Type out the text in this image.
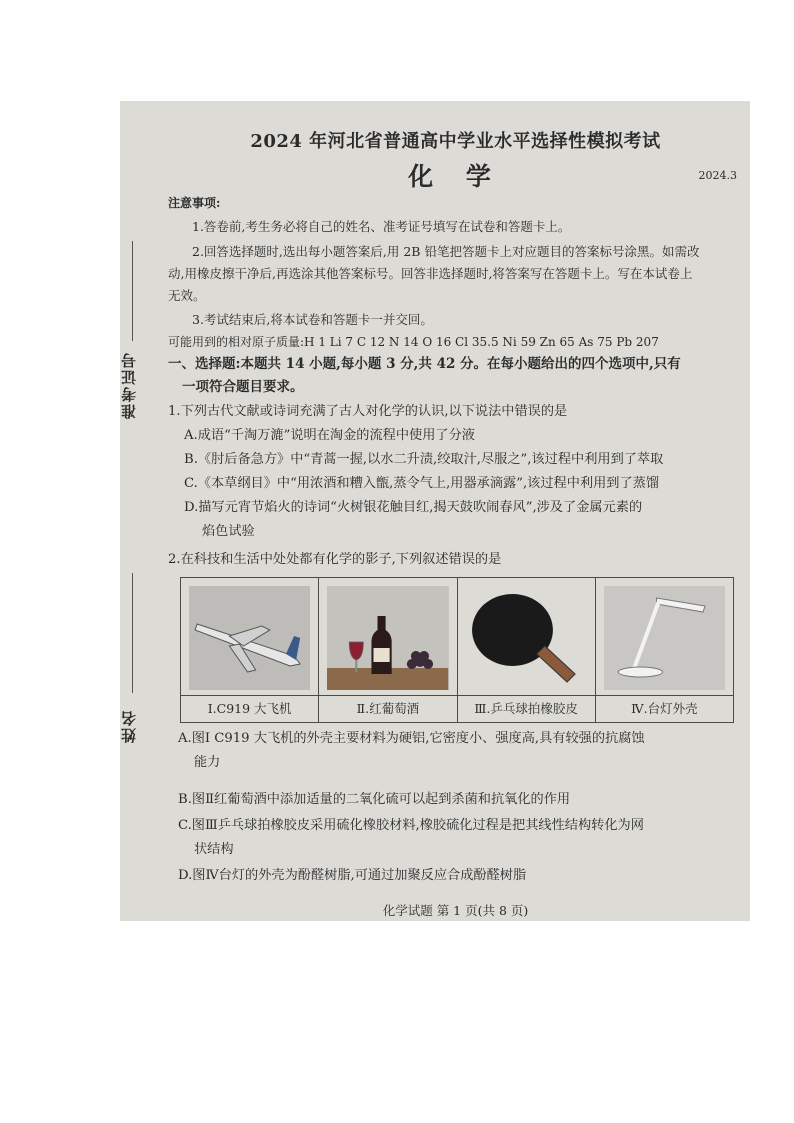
准考证号
姓名
2024 年河北省普通高中学业水平选择性模拟考试
化 学	2024.3
注意事项:
1.答卷前,考生务必将自己的姓名、准考证号填写在试卷和答题卡上。
2.回答选择题时,选出每小题答案后,用 2B 铅笔把答题卡上对应题目的答案标号涂黑。如需改
动,用橡皮擦干净后,再选涂其他答案标号。回答非选择题时,将答案写在答题卡上。写在本试卷上
无效。
3.考试结束后,将本试卷和答题卡一并交回。
可能用到的相对原子质量:H 1 Li 7 C 12 N 14 O 16 Cl 35.5 Ni 59 Zn 65 As 75 Pb 207
一、选择题:本题共 14 小题,每小题 3 分,共 42 分。在每小题给出的四个选项中,只有
一项符合题目要求。
1.下列古代文献或诗词充满了古人对化学的认识,以下说法中错误的是
A.成语“千淘万漉”说明在淘金的流程中使用了分液
B.《肘后备急方》中“青蒿一握,以水二升渍,绞取汁,尽服之”,该过程中利用到了萃取
C.《本草纲目》中“用浓酒和糟入甑,蒸令气上,用器承滴露”,该过程中利用到了蒸馏
D.描写元宵节焰火的诗词“火树银花触目红,揭天鼓吹闹春风”,涉及了金属元素的
焰色试验
2.在科技和生活中处处都有化学的影子,下列叙述错误的是
Ⅰ.C919 大飞机	Ⅱ.红葡萄酒	Ⅲ.乒乓球拍橡胶皮	Ⅳ.台灯外壳
A.图Ⅰ C919 大飞机的外壳主要材料为硬铝,它密度小、强度高,具有较强的抗腐蚀
能力
B.图Ⅱ红葡萄酒中添加适量的二氧化硫可以起到杀菌和抗氧化的作用
C.图Ⅲ乒乓球拍橡胶皮采用硫化橡胶材料,橡胶硫化过程是把其线性结构转化为网
状结构
D.图Ⅳ台灯的外壳为酚醛树脂,可通过加聚反应合成酚醛树脂
化学试题 第 1 页(共 8 页)
